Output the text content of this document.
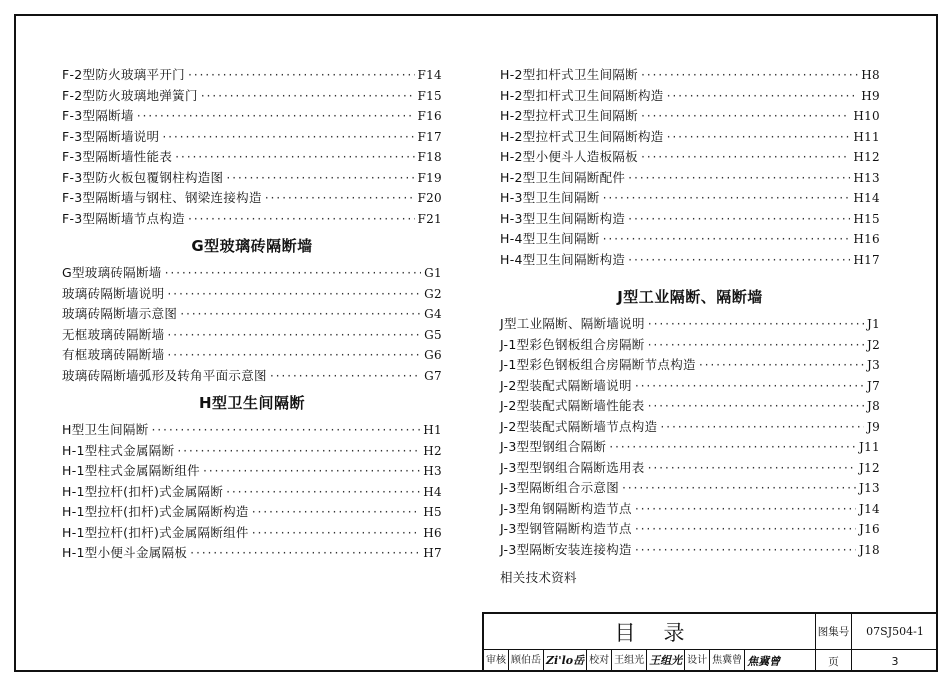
F-2型防火玻璃平开门 ·····	F14
F-2型防火玻璃地弹簧门 ·····	F15
F-3型隔断墙 ·····	F16
F-3型隔断墙说明 ·····	F17
F-3型隔断墙性能表 ·····	F18
F-3型防火板包覆钢柱构造图 ·····	F19
F-3型隔断墙与钢柱、钢梁连接构造 ·····	F20
F-3型隔断墙节点构造 ·····	F21
G型玻璃砖隔断墙
G型玻璃砖隔断墙 ·····	G1
玻璃砖隔断墙说明 ·····	G2
玻璃砖隔断墙示意图 ·····	G4
无框玻璃砖隔断墙 ·····	G5
有框玻璃砖隔断墙 ·····	G6
玻璃砖隔断墙弧形及转角平面示意图 ·····	G7
H型卫生间隔断
H型卫生间隔断 ·····	H1
H-1型柱式金属隔断 ·····	H2
H-1型柱式金属隔断组件 ·····	H3
H-1型拉杆(扣杆)式金属隔断 ·····	H4
H-1型拉杆(扣杆)式金属隔断构造 ·····	H5
H-1型拉杆(扣杆)式金属隔断组件 ·····	H6
H-1型小便斗金属隔板 ·····	H7
H-2型扣杆式卫生间隔断 ·····	H8
H-2型扣杆式卫生间隔断构造 ·····	H9
H-2型拉杆式卫生间隔断 ·····	H10
H-2型拉杆式卫生间隔断构造 ·····	H11
H-2型小便斗人造板隔板 ·····	H12
H-2型卫生间隔断配件 ·····	H13
H-3型卫生间隔断 ·····	H14
H-3型卫生间隔断构造 ·····	H15
H-4型卫生间隔断 ·····	H16
H-4型卫生间隔断构造 ·····	H17
J型工业隔断、隔断墙
J型工业隔断、隔断墙说明 ·····	J1
J-1型彩色钢板组合房隔断 ·····	J2
J-1型彩色钢板组合房隔断节点构造 ·····	J3
J-2型装配式隔断墙说明 ·····	J7
J-2型装配式隔断墙性能表 ·····	J8
J-2型装配式隔断墙节点构造 ·····	J9
J-3型型钢组合隔断 ·····	J11
J-3型型钢组合隔断选用表 ·····	J12
J-3型隔断组合示意图 ·····	J13
J-3型角钢隔断构造节点 ·····	J14
J-3型钢管隔断构造节点 ·····	J16
J-3型隔断安装连接构造 ·····	J18
相关技术资料
目录	图集号	07SJ504-1
审核 顾伯岳 Zi'lo岳 校对 王组光 王组光 设计 焦冀曾 焦冀曾	页	3
